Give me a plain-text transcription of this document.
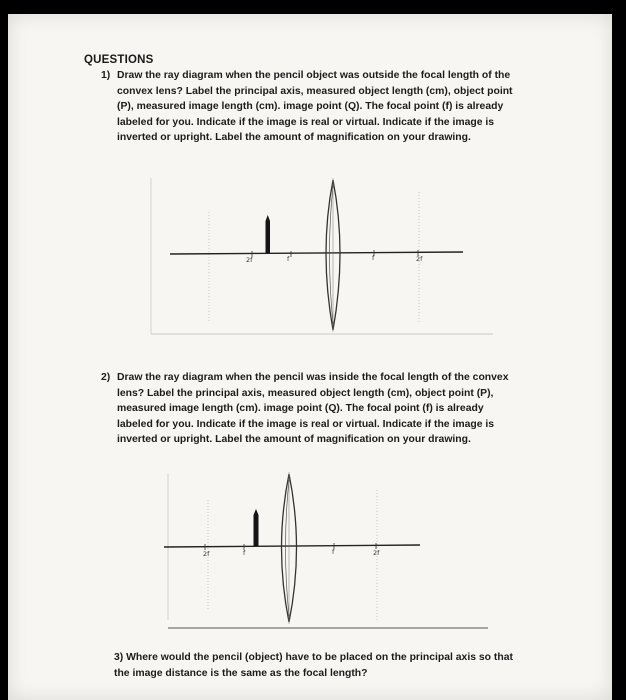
QUESTIONS
1) Draw the ray diagram when the pencil object was outside the focal length of the
convex lens? Label the principal axis, measured object length (cm), object point
(P), measured image length (cm). image point (Q). The focal point (f) is already
labeled for you. Indicate if the image is real or virtual. Indicate if the image is
inverted or upright. Label the amount of magnification on your drawing.
2f	f	f	2f
2) Draw the ray diagram when the pencil was inside the focal length of the convex
lens? Label the principal axis, measured object length (cm), object point (P),
measured image length (cm). image point (Q). The focal point (f) is already
labeled for you. Indicate if the image is real or virtual. Indicate if the image is
inverted or upright. Label the amount of magnification on your drawing.
2f	f	f	2f
3) Where would the pencil (object) have to be placed on the principal axis so that
the image distance is the same as the focal length?
